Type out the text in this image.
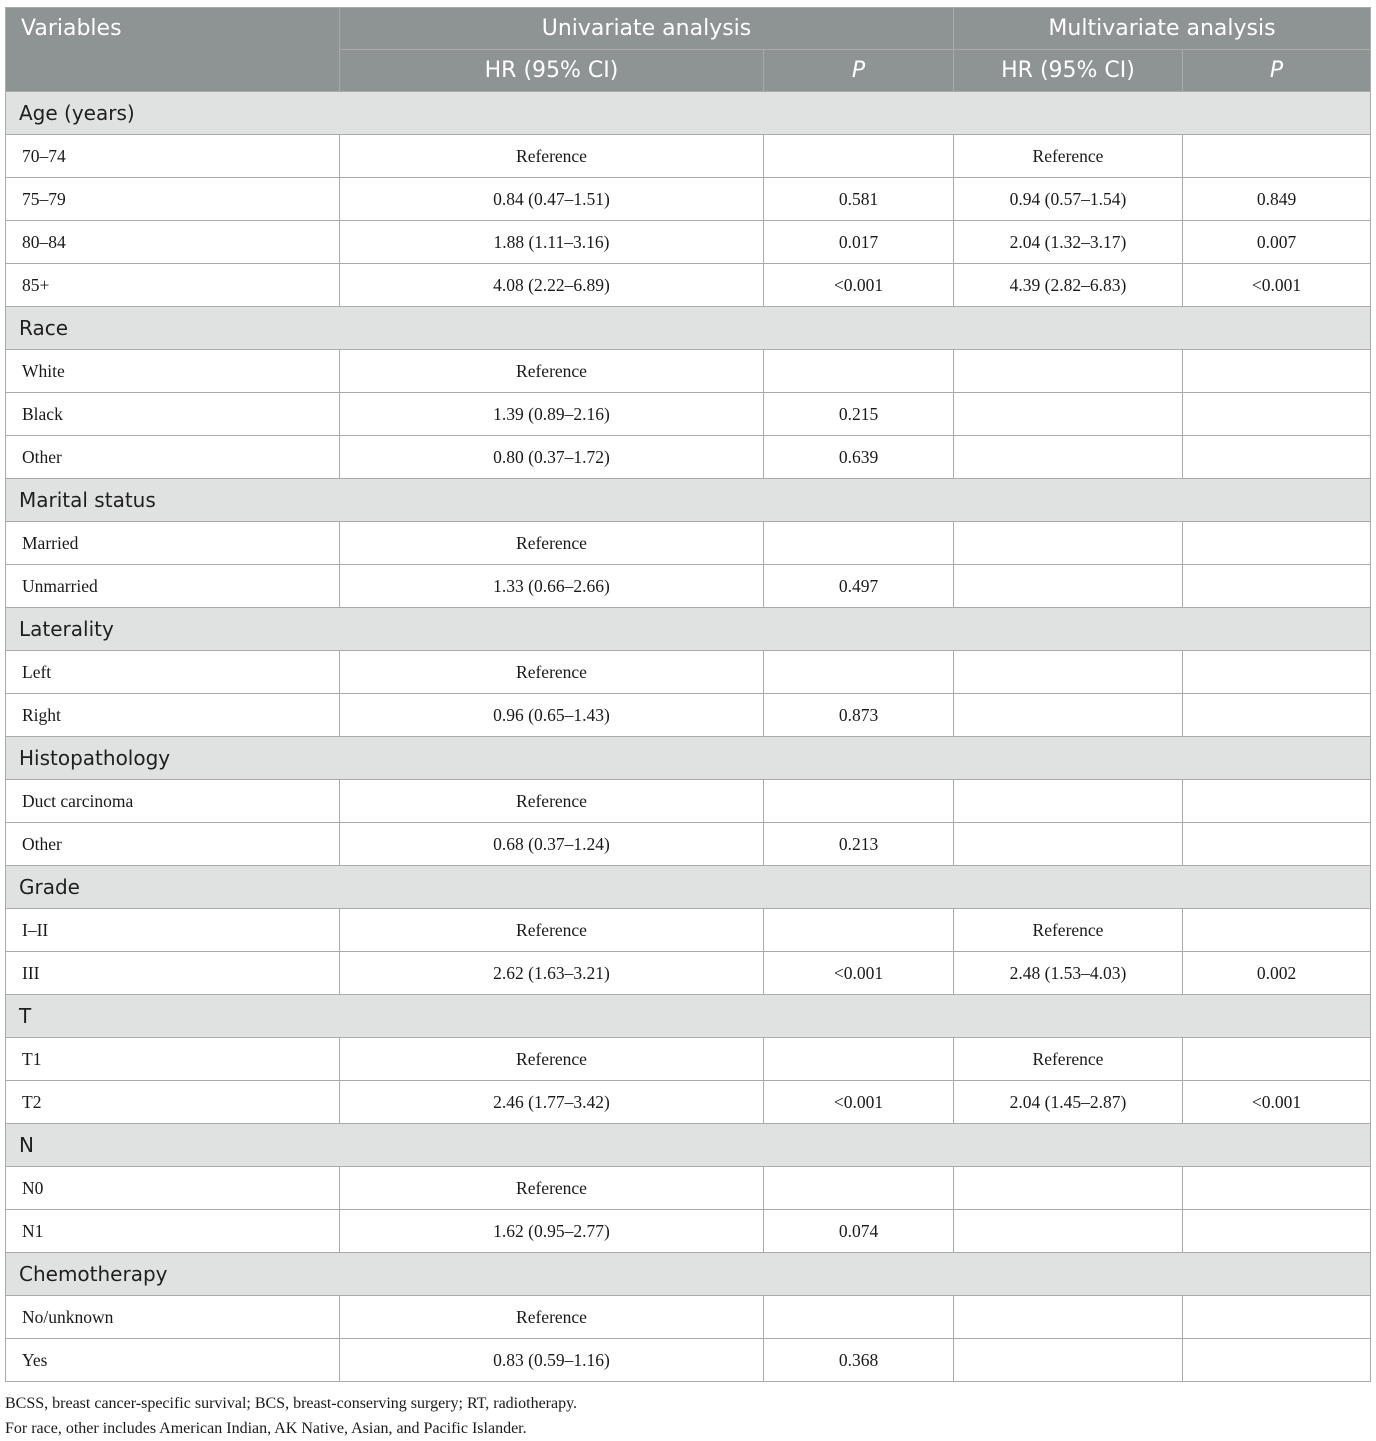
Variables	Univariate analysis		Multivariate analysis	
	HR (95% CI)	P	HR (95% CI)	P
Age (years)				
70–74	Reference		Reference	
75–79	0.84 (0.47–1.51)	0.581	0.94 (0.57–1.54)	0.849
80–84	1.88 (1.11–3.16)	0.017	2.04 (1.32–3.17)	0.007
85+	4.08 (2.22–6.89)	<0.001	4.39 (2.82–6.83)	<0.001
Race				
White	Reference			
Black	1.39 (0.89–2.16)	0.215		
Other	0.80 (0.37–1.72)	0.639		
Marital status				
Married	Reference			
Unmarried	1.33 (0.66–2.66)	0.497		
Laterality				
Left	Reference			
Right	0.96 (0.65–1.43)	0.873		
Histopathology				
Duct carcinoma	Reference			
Other	0.68 (0.37–1.24)	0.213		
Grade				
I–II	Reference		Reference	
III	2.62 (1.63–3.21)	<0.001	2.48 (1.53–4.03)	0.002
T				
T1	Reference		Reference	
T2	2.46 (1.77–3.42)	<0.001	2.04 (1.45–2.87)	<0.001
N				
N0	Reference			
N1	1.62 (0.95–2.77)	0.074		
Chemotherapy				
No/unknown	Reference			
Yes	0.83 (0.59–1.16)	0.368		
BCSS, breast cancer-specific survival; BCS, breast-conserving surgery; RT, radiotherapy.
For race, other includes American Indian, AK Native, Asian, and Pacific Islander.
